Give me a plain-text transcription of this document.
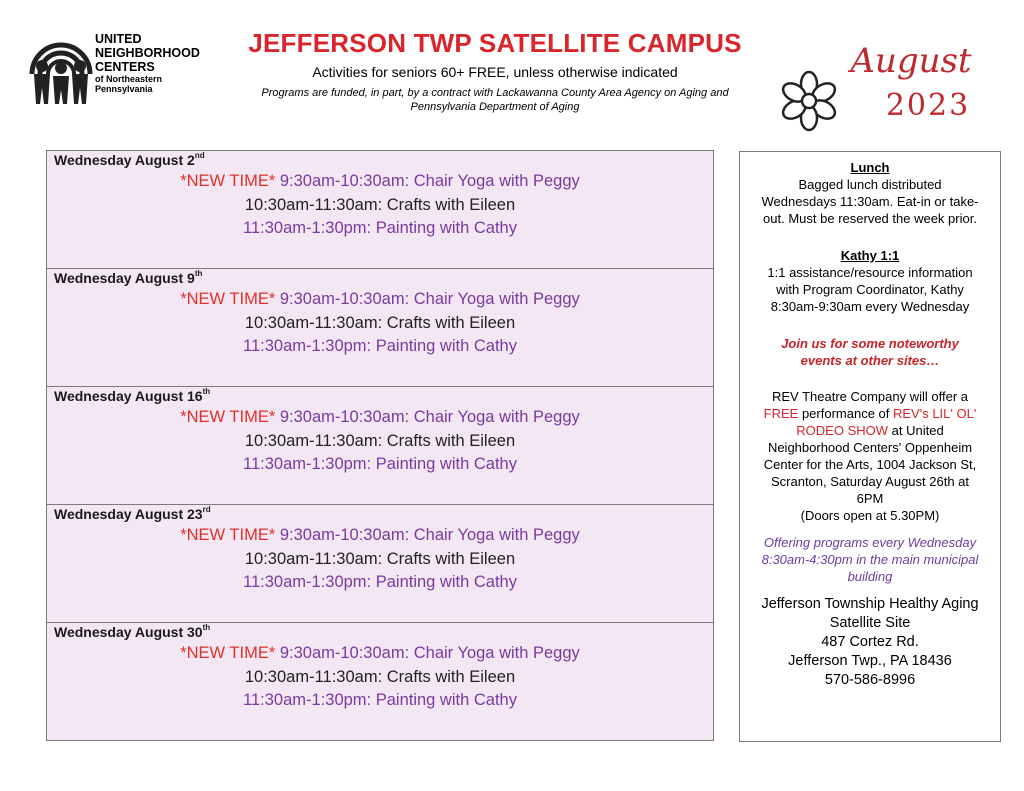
UNITED
NEIGHBORHOOD
CENTERS
of Northeastern
Pennsylvania
JEFFERSON TWP SATELLITE CAMPUS
Activities for seniors 60+ FREE, unless otherwise indicated
Programs are funded, in part, by a contract with Lackawanna County Area Agency on Aging and
Pennsylvania Department of Aging
August
2023
Wednesday August 2nd
*NEW TIME* 9:30am-10:30am: Chair Yoga with Peggy
10:30am-11:30am: Crafts with Eileen
11:30am-1:30pm: Painting with Cathy
Wednesday August 9th
*NEW TIME* 9:30am-10:30am: Chair Yoga with Peggy
10:30am-11:30am: Crafts with Eileen
11:30am-1:30pm: Painting with Cathy
Wednesday August 16th
*NEW TIME* 9:30am-10:30am: Chair Yoga with Peggy
10:30am-11:30am: Crafts with Eileen
11:30am-1:30pm: Painting with Cathy
Wednesday August 23rd
*NEW TIME* 9:30am-10:30am: Chair Yoga with Peggy
10:30am-11:30am: Crafts with Eileen
11:30am-1:30pm: Painting with Cathy
Wednesday August 30th
*NEW TIME* 9:30am-10:30am: Chair Yoga with Peggy
10:30am-11:30am: Crafts with Eileen
11:30am-1:30pm: Painting with Cathy
Lunch
Bagged lunch distributed
Wednesdays 11:30am. Eat-in or take-
out. Must be reserved the week prior.
Kathy 1:1
1:1 assistance/resource information
with Program Coordinator, Kathy
8:30am-9:30am every Wednesday
Join us for some noteworthy
events at other sites…
REV Theatre Company will offer a
FREE performance of REV's LIL' OL'
RODEO SHOW at United
Neighborhood Centers' Oppenheim
Center for the Arts, 1004 Jackson St,
Scranton, Saturday August 26th at
6PM
(Doors open at 5.30PM)
Offering programs every Wednesday
8:30am-4:30pm in the main municipal
building
Jefferson Township Healthy Aging
Satellite Site
487 Cortez Rd.
Jefferson Twp., PA 18436
570-586-8996
